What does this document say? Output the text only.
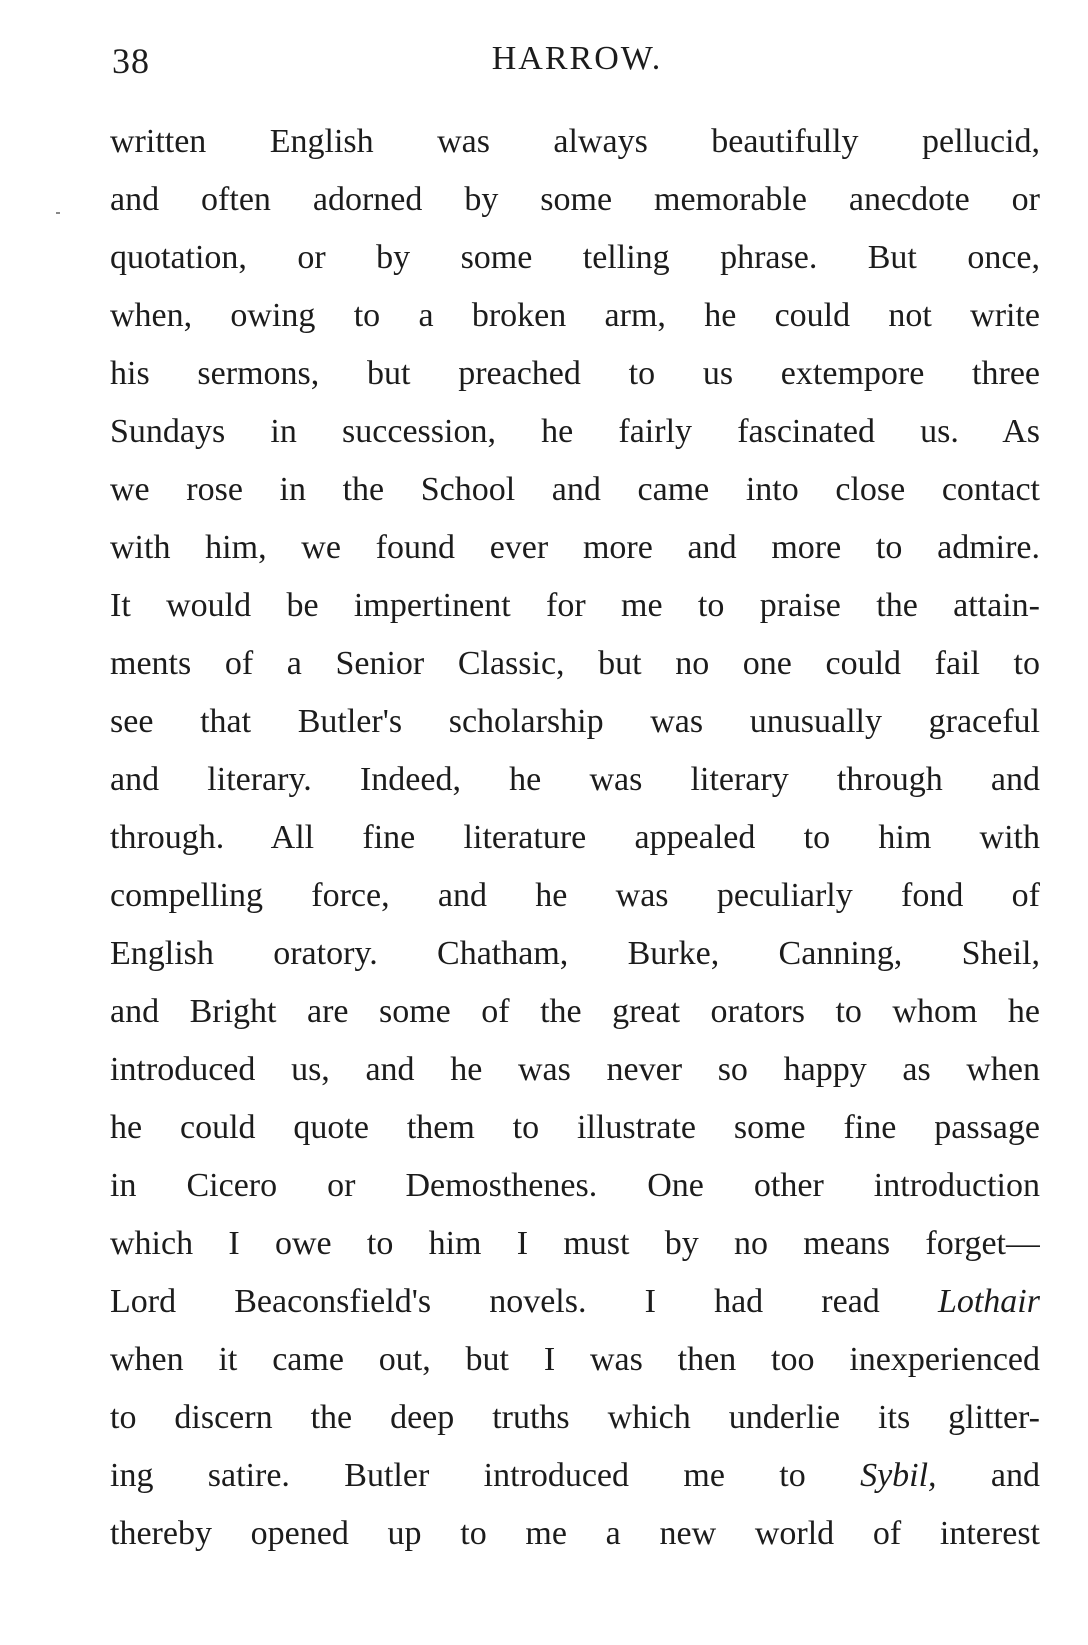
38	HARROW.
written English was always beautifully pellucid,
and often adorned by some memorable anecdote or
quotation, or by some telling phrase. But once,
when, owing to a broken arm, he could not write
his sermons, but preached to us extempore three
Sundays in succession, he fairly fascinated us. As
we rose in the School and came into close contact
with him, we found ever more and more to admire.
It would be impertinent for me to praise the attain-
ments of a Senior Classic, but no one could fail to
see that Butler's scholarship was unusually graceful
and literary. Indeed, he was literary through and
through. All fine literature appealed to him with
compelling force, and he was peculiarly fond of
English oratory. Chatham, Burke, Canning, Sheil,
and Bright are some of the great orators to whom he
introduced us, and he was never so happy as when
he could quote them to illustrate some fine passage
in Cicero or Demosthenes. One other introduction
which I owe to him I must by no means forget—
Lord Beaconsfield's novels. I had read Lothair
when it came out, but I was then too inexperienced
to discern the deep truths which underlie its glitter-
ing satire. Butler introduced me to Sybil, and
thereby opened up to me a new world of interest
